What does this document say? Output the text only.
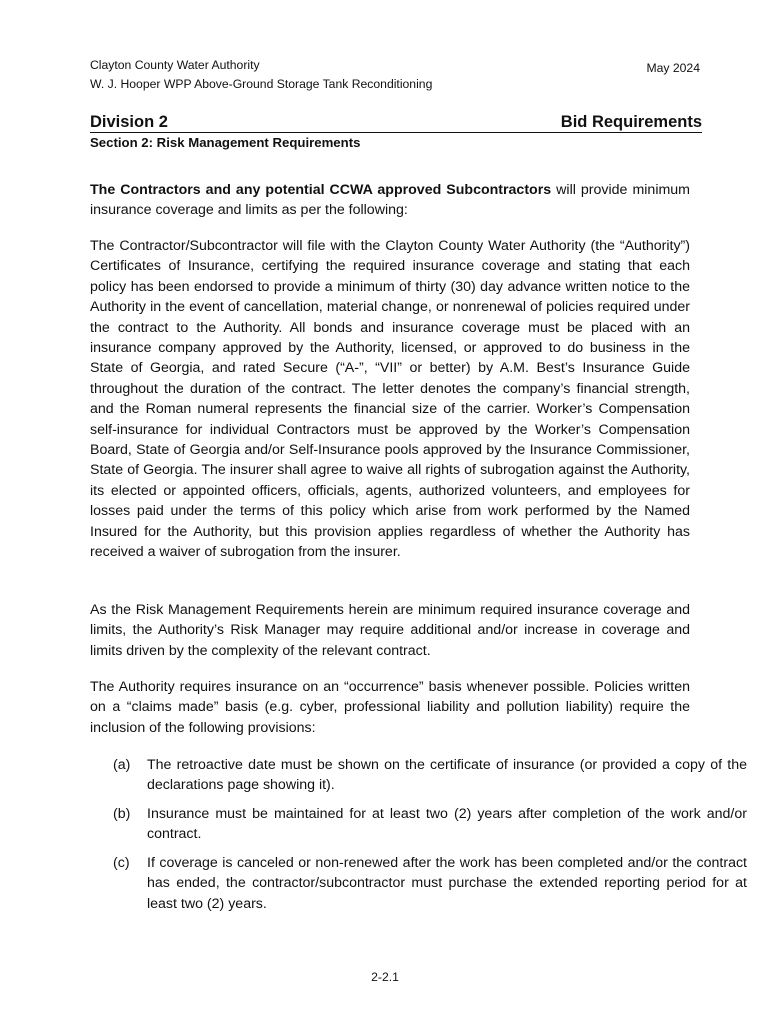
Clayton County Water Authority
W. J. Hooper WPP Above-Ground Storage Tank Reconditioning
May 2024
Division 2	Bid Requirements
Section 2: Risk Management Requirements

The Contractors and any potential CCWA approved Subcontractors will provide minimum insurance coverage and limits as per the following:

The Contractor/Subcontractor will file with the Clayton County Water Authority (the “Authority”) Certificates of Insurance, certifying the required insurance coverage and stating that each policy has been endorsed to provide a minimum of thirty (30) day advance written notice to the Authority in the event of cancellation, material change, or nonrenewal of policies required under the contract to the Authority. All bonds and insurance coverage must be placed with an insurance company approved by the Authority, licensed, or approved to do business in the State of Georgia, and rated Secure (“A-”, “VII” or better) by A.M. Best’s Insurance Guide throughout the duration of the contract. The letter denotes the company’s financial strength, and the Roman numeral represents the financial size of the carrier. Worker’s Compensation self-insurance for individual Contractors must be approved by the Worker’s Compensation Board, State of Georgia and/or Self-Insurance pools approved by the Insurance Commissioner, State of Georgia. The insurer shall agree to waive all rights of subrogation against the Authority, its elected or appointed officers, officials, agents, authorized volunteers, and employees for losses paid under the terms of this policy which arise from work performed by the Named Insured for the Authority, but this provision applies regardless of whether the Authority has received a waiver of subrogation from the insurer.

As the Risk Management Requirements herein are minimum required insurance coverage and limits, the Authority’s Risk Manager may require additional and/or increase in coverage and limits driven by the complexity of the relevant contract.

The Authority requires insurance on an “occurrence” basis whenever possible. Policies written on a “claims made” basis (e.g. cyber, professional liability and pollution liability) require the inclusion of the following provisions:

(a) The retroactive date must be shown on the certificate of insurance (or provided a copy of the declarations page showing it).
(b) Insurance must be maintained for at least two (2) years after completion of the work and/or contract.
(c) If coverage is canceled or non-renewed after the work has been completed and/or the contract has ended, the contractor/subcontractor must purchase the extended reporting period for at least two (2) years.
2-2.1
